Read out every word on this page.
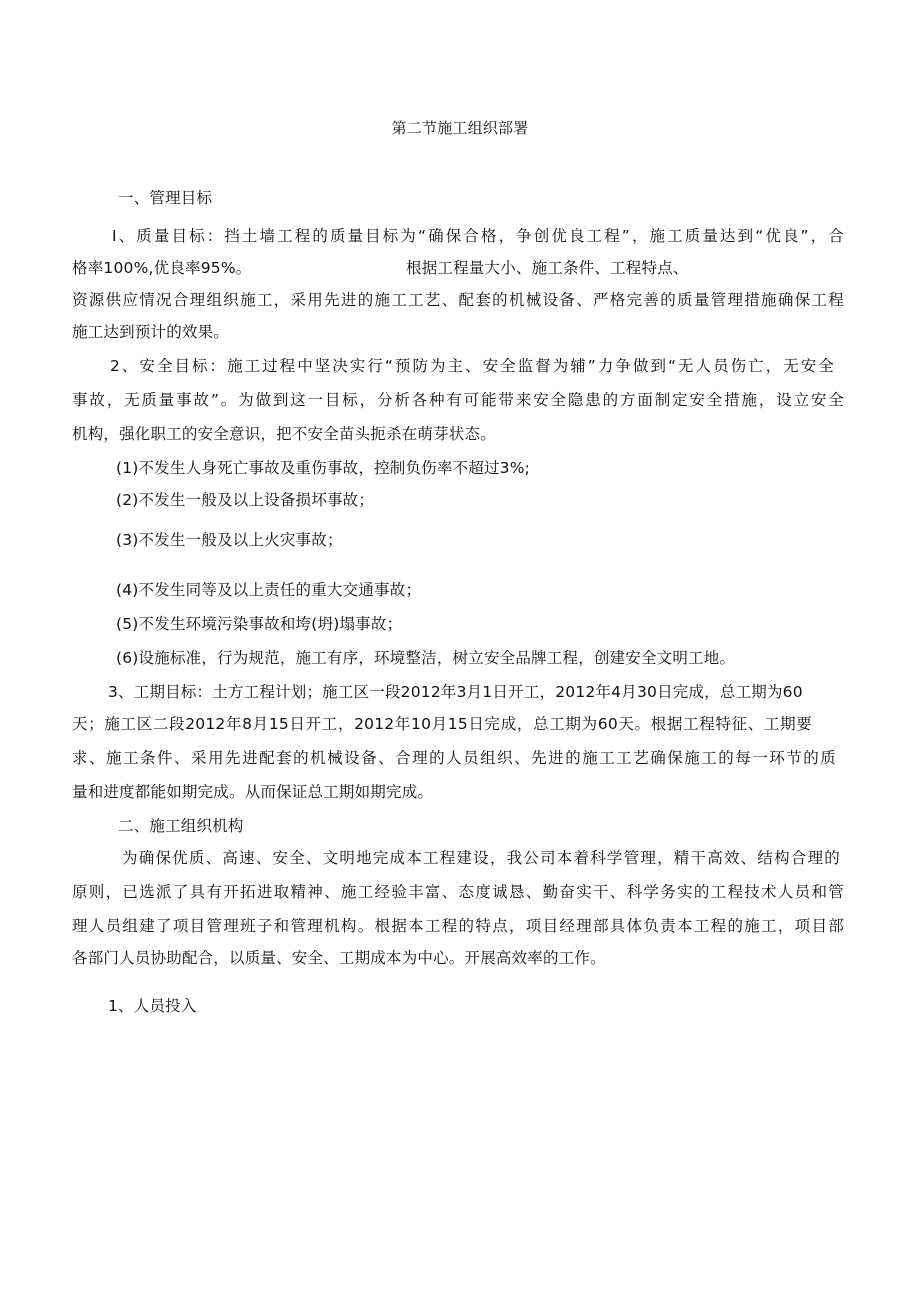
第二节施工组织部署
一、管理目标
I、质量目标：挡土墙工程的质量目标为“确保合格，争创优良工程”，施工质量达到“优良”，合
格率100%,优良率95%。	根据工程量大小、施工条件、工程特点、
资源供应情况合理组织施工，采用先进的施工工艺、配套的机械设备、严格完善的质量管理措施确保工程
施工达到预计的效果。
2、安全目标：施工过程中坚决实行“预防为主、安全监督为辅”力争做到“无人员伤亡，无安全
事故，无质量事故”。为做到这一目标，分析各种有可能带来安全隐患的方面制定安全措施，设立安全
机构，强化职工的安全意识，把不安全苗头扼杀在萌芽状态。
(1)不发生人身死亡事故及重伤事故，控制负伤率不超过3%;
(2)不发生一般及以上设备损坏事故；
(3)不发生一般及以上火灾事故；
(4)不发生同等及以上责任的重大交通事故；
(5)不发生环境污染事故和垮(坍)塌事故；
(6)设施标准，行为规范，施工有序，环境整洁，树立安全品牌工程，创建安全文明工地。
3、工期目标：土方工程计划；施工区一段2012年3月1日开工，2012年4月30日完成，总工期为60
天；施工区二段2012年8月15日开工，2012年10月15日完成，总工期为60天。根据工程特征、工期要
求、施工条件、采用先进配套的机械设备、合理的人员组织、先进的施工工艺确保施工的每一环节的质
量和进度都能如期完成。从而保证总工期如期完成。
二、施工组织机构
为确保优质、高速、安全、文明地完成本工程建设，我公司本着科学管理，精干高效、结构合理的
原则，已选派了具有开拓进取精神、施工经验丰富、态度诚恳、勤奋实干、科学务实的工程技术人员和管
理人员组建了项目管理班子和管理机构。根据本工程的特点，项目经理部具体负责本工程的施工，项目部
各部门人员协助配合，以质量、安全、工期成本为中心。开展高效率的工作。
1、人员投入
